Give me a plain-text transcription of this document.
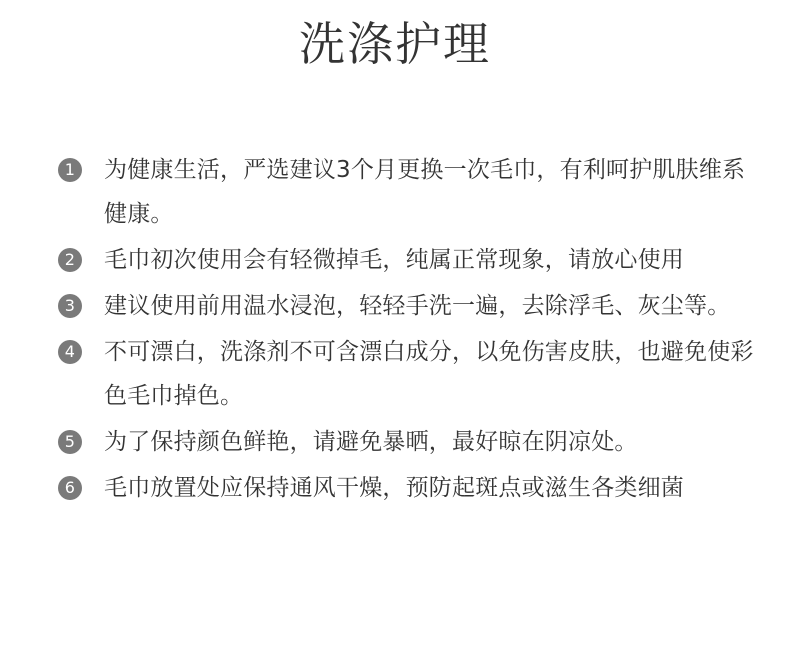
洗涤护理
1 为健康生活，严选建议3个月更换一次毛巾，有利呵护肌肤维系健康。
2 毛巾初次使用会有轻微掉毛，纯属正常现象，请放心使用
3 建议使用前用温水浸泡，轻轻手洗一遍，去除浮毛、灰尘等。
4 不可漂白，洗涤剂不可含漂白成分，以免伤害皮肤，也避免使彩色毛巾掉色。
5 为了保持颜色鲜艳，请避免暴晒，最好晾在阴凉处。
6 毛巾放置处应保持通风干燥，预防起斑点或滋生各类细菌
